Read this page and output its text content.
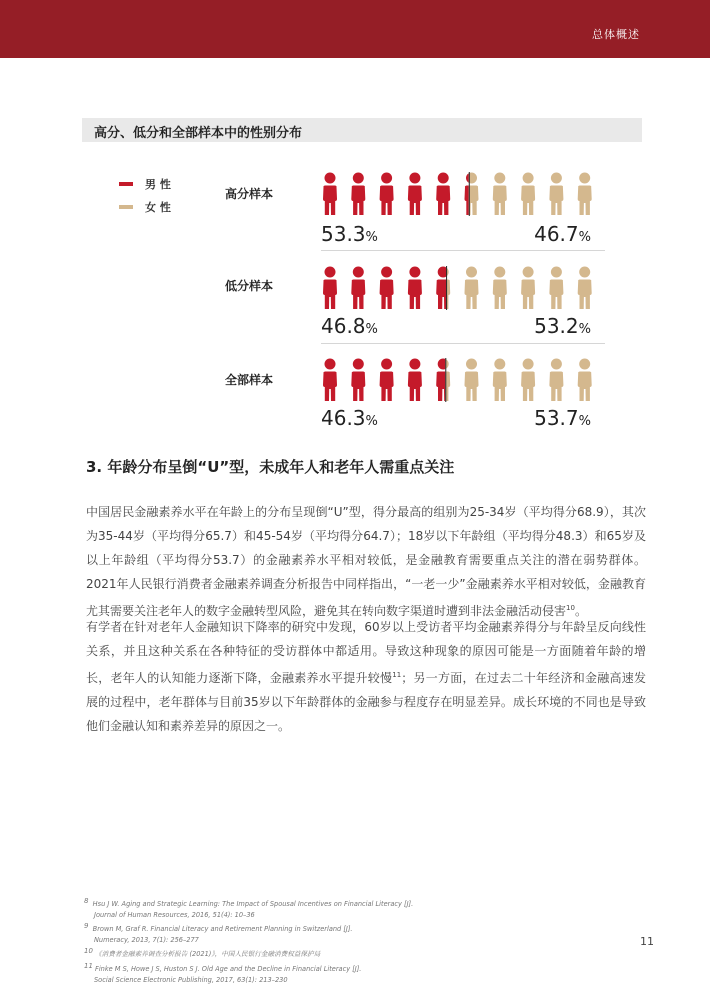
总体概述
高分、低分和全部样本中的性别分布
男 性
女 性
高分样本
53.3%	46.7%
低分样本
46.8%	53.2%
全部样本
46.3%	53.7%
3. 年龄分布呈倒“U”型，未成年人和老年人需重点关注
中国居民金融素养水平在年龄上的分布呈现倒“U”型，得分最高的组别为25-34岁（平均得分68.9），其次为35-44岁（平均得分65.7）和45-54岁（平均得分64.7）；18岁以下年龄组（平均得分48.3）和65岁及以上年龄组（平均得分53.7）的金融素养水平相对较低，是金融教育需要重点关注的潜在弱势群体。2021年人民银行消费者金融素养调查分析报告中同样指出，“一老一少”金融素养水平相对较低，金融教育尤其需要关注老年人的数字金融转型风险，避免其在转向数字渠道时遭到非法金融活动侵害$^{10}$。
有学者在针对老年人金融知识下降率的研究中发现，60岁以上受访者平均金融素养得分与年龄呈反向线性关系，并且这种关系在各种特征的受访群体中都适用。导致这种现象的原因可能是一方面随着年龄的增长，老年人的认知能力逐渐下降，金融素养水平提升较慢$^{11}$；另一方面，在过去二十年经济和金融高速发展的过程中，老年群体与目前35岁以下年龄群体的金融参与程度存在明显差异。成长环境的不同也是导致他们金融认知和素养差异的原因之一。
$^8$ Hsu J W. Aging and Strategic Learning: The Impact of Spousal Incentives on Financial Literacy [J].
Journal of Human Resources, 2016, 51(4): 10–36
$^9$ Brown M, Graf R. Financial Literacy and Retirement Planning in Switzerland [J].
Numeracy, 2013, 7(1): 256–277
$^{10}$ 《消费者金融素养调查分析报告 (2021)》，中国人民银行金融消费权益保护局
$^{11}$ Finke M S, Howe J S, Huston S J. Old Age and the Decline in Financial Literacy [J].
Social Science Electronic Publishing, 2017, 63(1): 213–230
11
